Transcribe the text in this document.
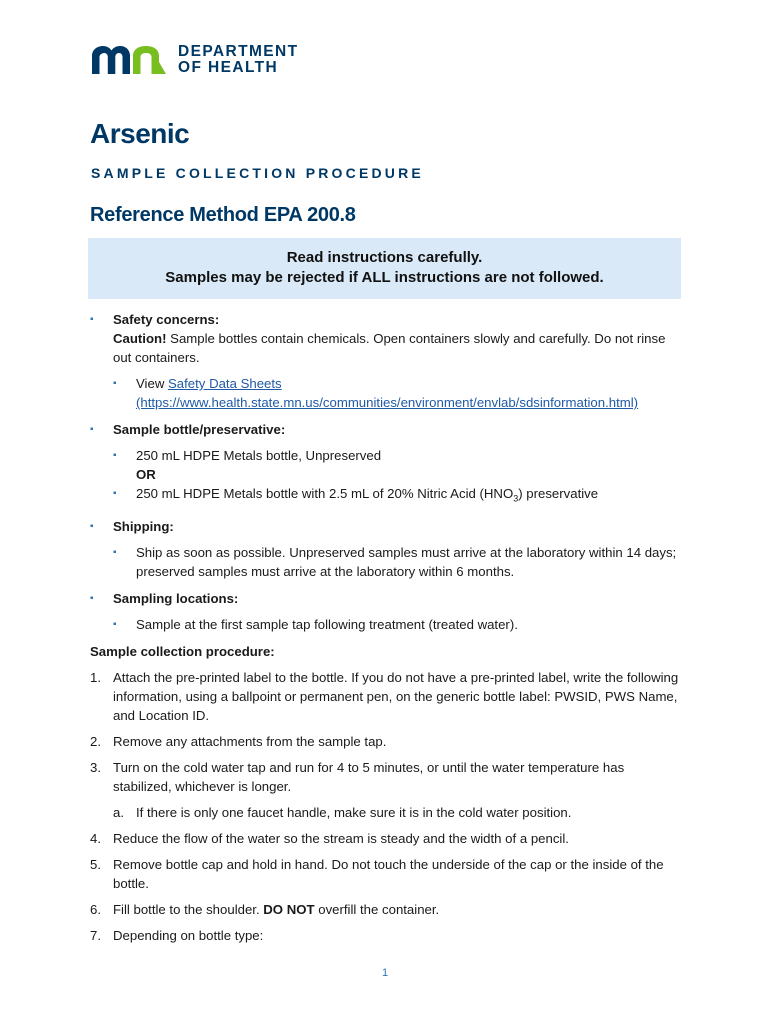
DEPARTMENT
OF HEALTH
Arsenic
SAMPLE COLLECTION PROCEDURE
Reference Method EPA 200.8
Read instructions carefully.
Samples may be rejected if ALL instructions are not followed.
▪ Safety concerns:
Caution! Sample bottles contain chemicals. Open containers slowly and carefully. Do not rinse out containers.
▪ View Safety Data Sheets
(https://www.health.state.mn.us/communities/environment/envlab/sdsinformation.html)
▪ Sample bottle/preservative:
▪ 250 mL HDPE Metals bottle, Unpreserved
OR
▪ 250 mL HDPE Metals bottle with 2.5 mL of 20% Nitric Acid $(HNO_3)$ preservative
▪ Shipping:
▪ Ship as soon as possible. Unpreserved samples must arrive at the laboratory within 14 days; preserved samples must arrive at the laboratory within 6 months.
▪ Sampling locations:
▪ Sample at the first sample tap following treatment (treated water).
Sample collection procedure:
1. Attach the pre-printed label to the bottle. If you do not have a pre-printed label, write the following information, using a ballpoint or permanent pen, on the generic bottle label: PWSID, PWS Name, and Location ID.
2. Remove any attachments from the sample tap.
3. Turn on the cold water tap and run for 4 to 5 minutes, or until the water temperature has stabilized, whichever is longer.
a. If there is only one faucet handle, make sure it is in the cold water position.
4. Reduce the flow of the water so the stream is steady and the width of a pencil.
5. Remove bottle cap and hold in hand. Do not touch the underside of the cap or the inside of the bottle.
6. Fill bottle to the shoulder. DO NOT overfill the container.
7. Depending on bottle type:
1
